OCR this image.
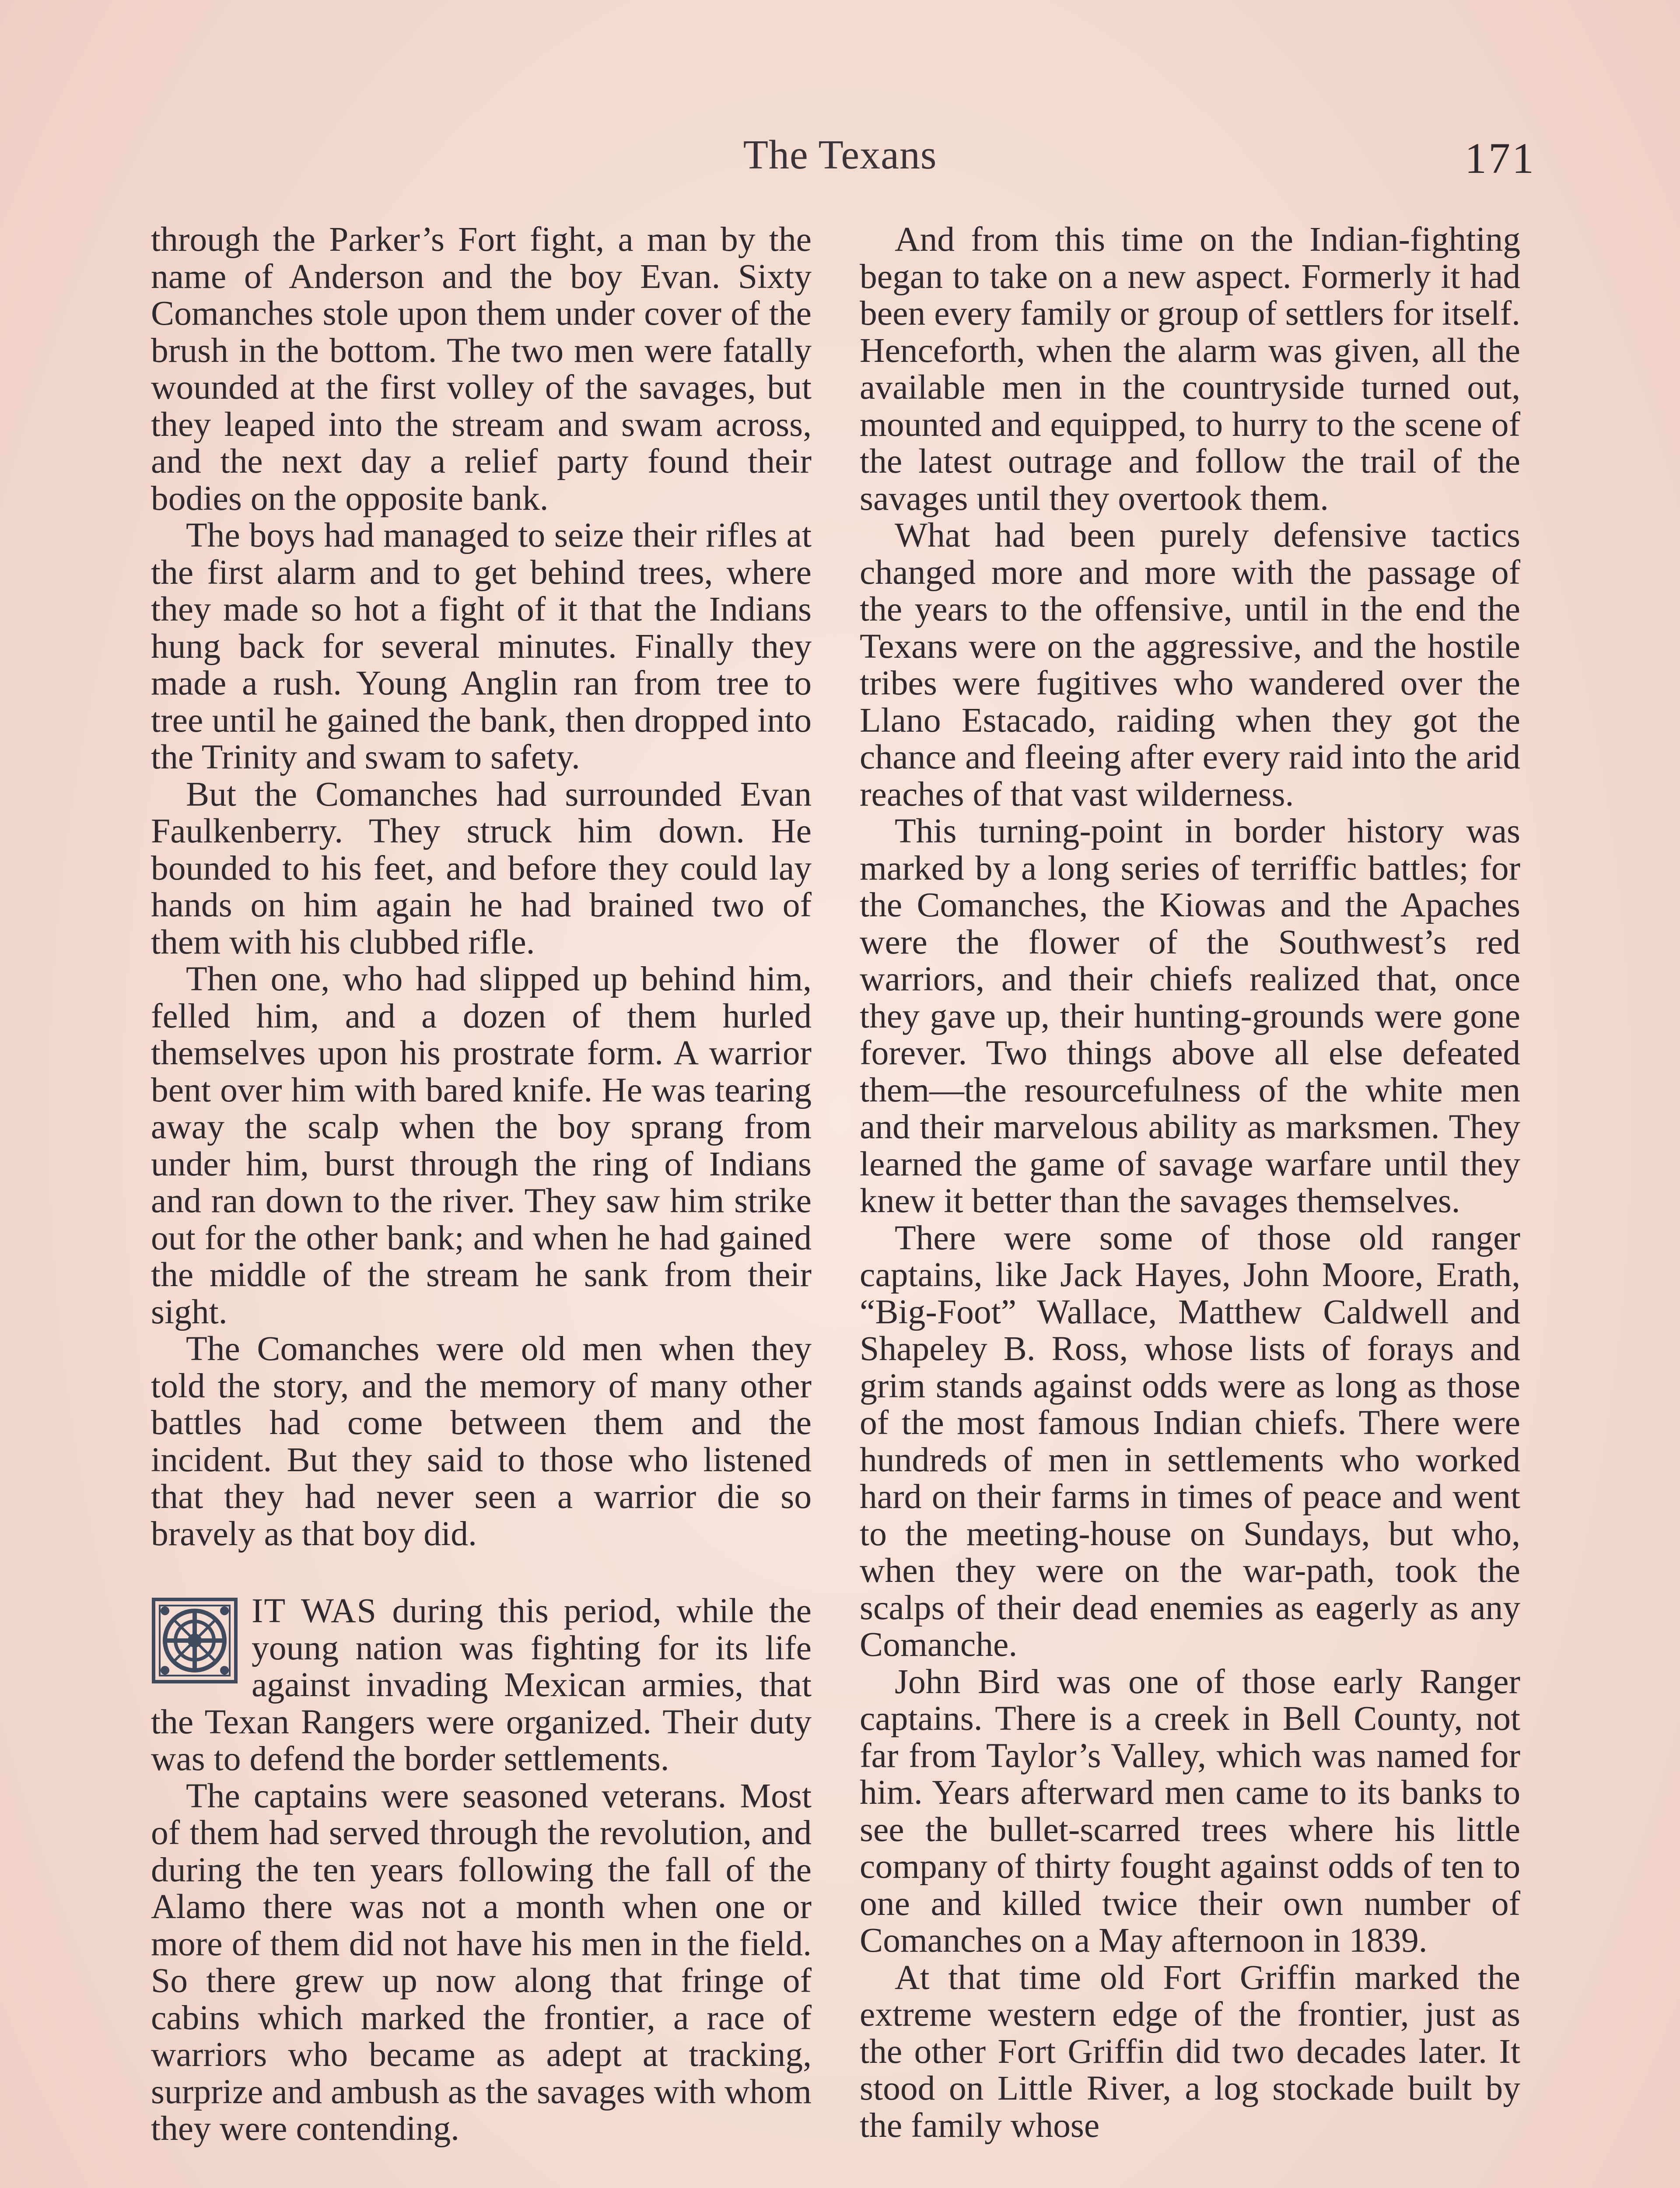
The Texans	171

through the Parker’s Fort fight, a man by the name of Anderson and the boy Evan. Sixty Comanches stole upon them under cover of the brush in the bottom. The two men were fatally wounded at the first volley of the savages, but they leaped into the stream and swam across, and the next day a relief party found their bodies on the opposite bank.

The boys had managed to seize their rifles at the first alarm and to get behind trees, where they made so hot a fight of it that the Indians hung back for several minutes. Finally they made a rush. Young Anglin ran from tree to tree until he gained the bank, then dropped into the Trinity and swam to safety.

But the Comanches had surrounded Evan Faulkenberry. They struck him down. He bounded to his feet, and before they could lay hands on him again he had brained two of them with his clubbed rifle.

Then one, who had slipped up behind him, felled him, and a dozen of them hurled themselves upon his prostrate form. A warrior bent over him with bared knife. He was tearing away the scalp when the boy sprang from under him, burst through the ring of Indians and ran down to the river. They saw him strike out for the other bank; and when he had gained the middle of the stream he sank from their sight.

The Comanches were old men when they told the story, and the memory of many other battles had come between them and the incident. But they said to those who listened that they had never seen a warrior die so bravely as that boy did.

IT WAS during this period, while the young nation was fighting for its life against invading Mexican armies, that the Texan Rangers were organized. Their duty was to defend the border settlements.

The captains were seasoned veterans. Most of them had served through the revolution, and during the ten years following the fall of the Alamo there was not a month when one or more of them did not have his men in the field. So there grew up now along that fringe of cabins which marked the frontier, a race of warriors who became as adept at tracking, surprize and ambush as the savages with whom they were contending.

And from this time on the Indian-fighting began to take on a new aspect. Formerly it had been every family or group of settlers for itself. Henceforth, when the alarm was given, all the available men in the countryside turned out, mounted and equipped, to hurry to the scene of the latest outrage and follow the trail of the savages until they overtook them.

What had been purely defensive tactics changed more and more with the passage of the years to the offensive, until in the end the Texans were on the aggressive, and the hostile tribes were fugitives who wandered over the Llano Estacado, raiding when they got the chance and fleeing after every raid into the arid reaches of that vast wilderness.

This turning-point in border history was marked by a long series of terriffic battles; for the Comanches, the Kiowas and the Apaches were the flower of the Southwest’s red warriors, and their chiefs realized that, once they gave up, their hunting-grounds were gone forever. Two things above all else defeated them—the resourcefulness of the white men and their marvelous ability as marksmen. They learned the game of savage warfare until they knew it better than the savages themselves.

There were some of those old ranger captains, like Jack Hayes, John Moore, Erath, “Big-Foot” Wallace, Matthew Caldwell and Shapeley B. Ross, whose lists of forays and grim stands against odds were as long as those of the most famous Indian chiefs. There were hundreds of men in settlements who worked hard on their farms in times of peace and went to the meeting-house on Sundays, but who, when they were on the war-path, took the scalps of their dead enemies as eagerly as any Comanche.

John Bird was one of those early Ranger captains. There is a creek in Bell County, not far from Taylor’s Valley, which was named for him. Years afterward men came to its banks to see the bullet-scarred trees where his little company of thirty fought against odds of ten to one and killed twice their own number of Comanches on a May afternoon in 1839.

At that time old Fort Griffin marked the extreme western edge of the frontier, just as the other Fort Griffin did two decades later. It stood on Little River, a log stockade built by the family whose
